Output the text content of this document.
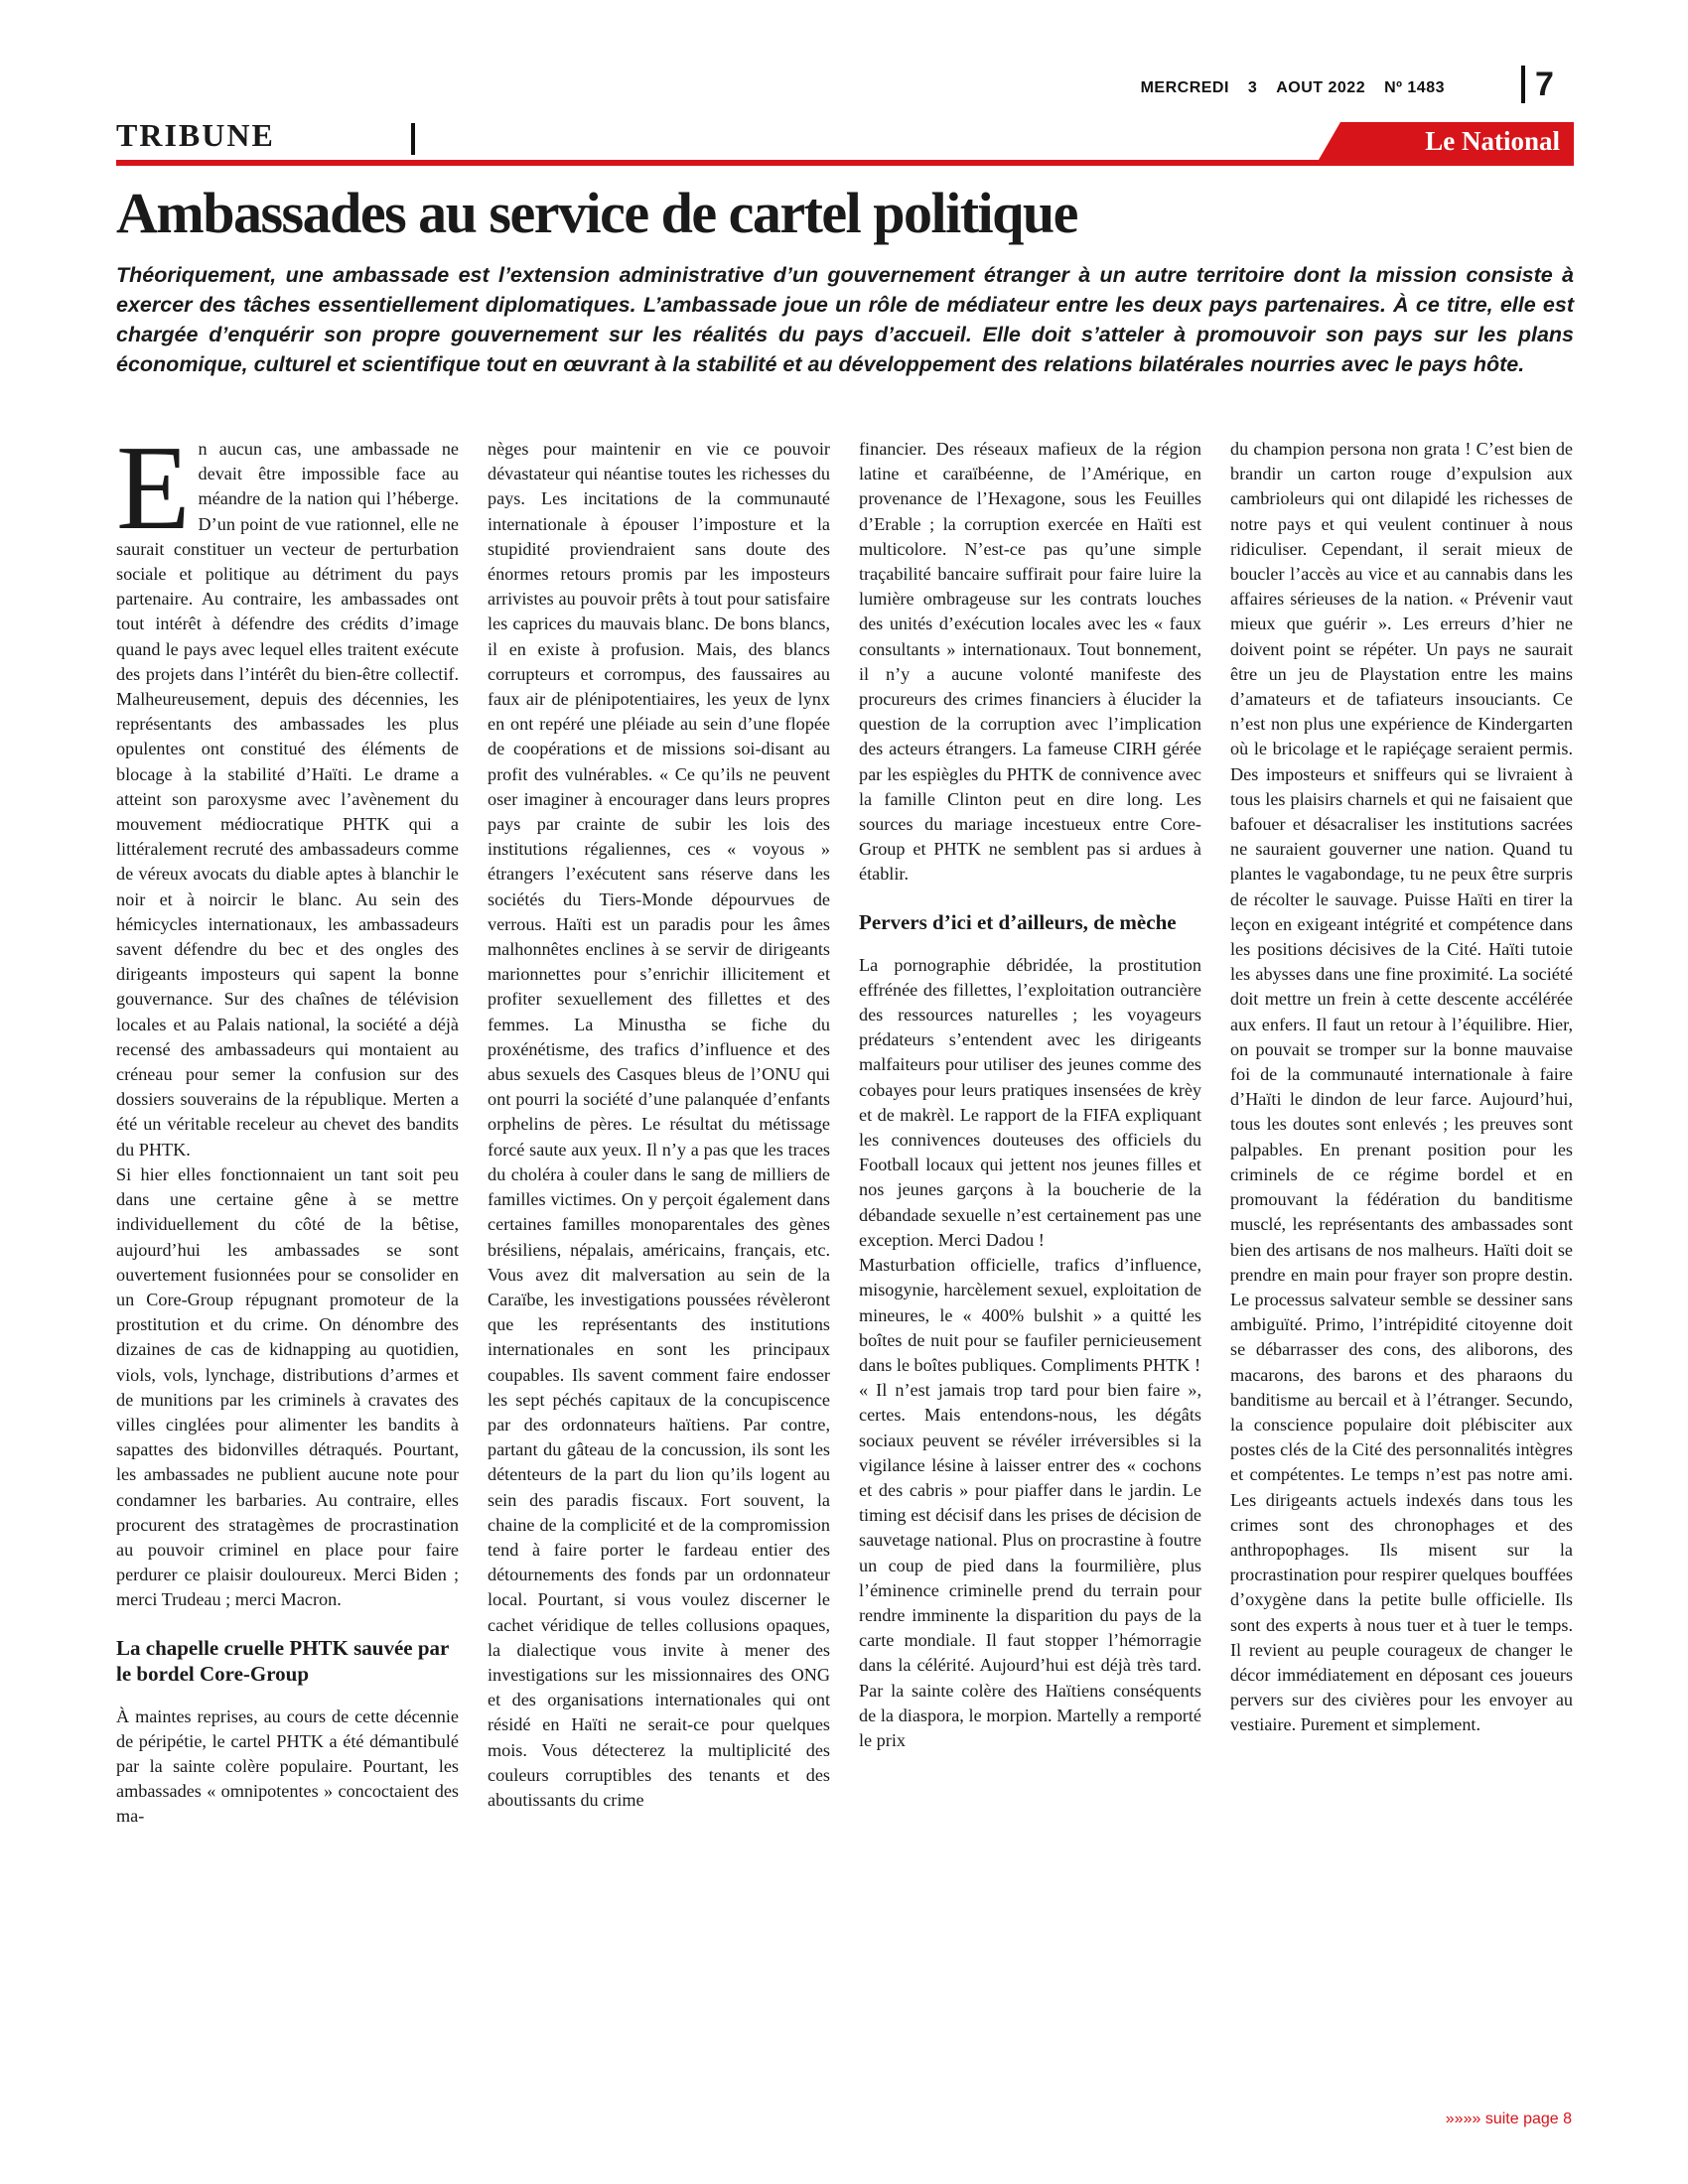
MERCREDI 3 AOUT 2022 Nº 1483	7
TRIBUNE	Le National
Ambassades au service de cartel politique

Théoriquement, une ambassade est l’extension administrative d’un gouvernement étranger à un autre territoire dont la mission consiste à exercer des tâches essentiellement diplomatiques. L’ambassade joue un rôle de médiateur entre les deux pays partenaires. À ce titre, elle est chargée d’enquérir son propre gouvernement sur les réalités du pays d’accueil. Elle doit s’atteler à promouvoir son pays sur les plans économique, culturel et scientifique tout en œuvrant à la stabilité et au développement des relations bilatérales nourries avec le pays hôte.

En aucun cas, une ambassade ne devait être impossible face au méandre de la nation qui l’héberge. D’un point de vue rationnel, elle ne saurait constituer un vecteur de perturbation sociale et politique au détriment du pays partenaire. Au contraire, les ambassades ont tout intérêt à défendre des crédits d’image quand le pays avec lequel elles traitent exécute des projets dans l’intérêt du bien-être collectif. Malheureusement, depuis des décennies, les représentants des ambassades les plus opulentes ont constitué des éléments de blocage à la stabilité d’Haïti. Le drame a atteint son paroxysme avec l’avènement du mouvement médiocratique PHTK qui a littéralement recruté des ambassadeurs comme de véreux avocats du diable aptes à blanchir le noir et à noircir le blanc. Au sein des hémicycles internationaux, les ambassadeurs savent défendre du bec et des ongles des dirigeants imposteurs qui sapent la bonne gouvernance. Sur des chaînes de télévision locales et au Palais national, la société a déjà recensé des ambassadeurs qui montaient au créneau pour semer la confusion sur des dossiers souverains de la république. Merten a été un véritable receleur au chevet des bandits du PHTK.

Si hier elles fonctionnaient un tant soit peu dans une certaine gêne à se mettre individuellement du côté de la bêtise, aujourd’hui les ambassades se sont ouvertement fusionnées pour se consolider en un Core-Group répugnant promoteur de la prostitution et du crime. On dénombre des dizaines de cas de kidnapping au quotidien, viols, vols, lynchage, distributions d’armes et de munitions par les criminels à cravates des villes cinglées pour alimenter les bandits à sapattes des bidonvilles détraqués. Pourtant, les ambassades ne publient aucune note pour condamner les barbaries. Au contraire, elles procurent des stratagèmes de procrastination au pouvoir criminel en place pour faire perdurer ce plaisir douloureux. Merci Biden ; merci Trudeau ; merci Macron.

La chapelle cruelle PHTK sauvée par le bordel Core-Group

À maintes reprises, au cours de cette décennie de péripétie, le cartel PHTK a été démantibulé par la sainte colère populaire. Pourtant, les ambassades « omnipotentes » concoctaient des ma-

nèges pour maintenir en vie ce pouvoir dévastateur qui néantise toutes les richesses du pays. Les incitations de la communauté internationale à épouser l’imposture et la stupidité proviendraient sans doute des énormes retours promis par les imposteurs arrivistes au pouvoir prêts à tout pour satisfaire les caprices du mauvais blanc. De bons blancs, il en existe à profusion. Mais, des blancs corrupteurs et corrompus, des faussaires au faux air de plénipotentiaires, les yeux de lynx en ont repéré une pléiade au sein d’une flopée de coopérations et de missions soi-disant au profit des vulnérables. « Ce qu’ils ne peuvent oser imaginer à encourager dans leurs propres pays par crainte de subir les lois des institutions régaliennes, ces « voyous » étrangers l’exécutent sans réserve dans les sociétés du Tiers-Monde dépourvues de verrous. Haïti est un paradis pour les âmes malhonnêtes enclines à se servir de dirigeants marionnettes pour s’enrichir illicitement et profiter sexuellement des fillettes et des femmes. La Minustha se fiche du proxénétisme, des trafics d’influence et des abus sexuels des Casques bleus de l’ONU qui ont pourri la société d’une palanquée d’enfants orphelins de pères. Le résultat du métissage forcé saute aux yeux. Il n’y a pas que les traces du choléra à couler dans le sang de milliers de familles victimes. On y perçoit également dans certaines familles monoparentales des gènes brésiliens, népalais, américains, français, etc. Vous avez dit malversation au sein de la Caraïbe, les investigations poussées révèleront que les représentants des institutions internationales en sont les principaux coupables. Ils savent comment faire endosser les sept péchés capitaux de la concupiscence par des ordonnateurs haïtiens. Par contre, partant du gâteau de la concussion, ils sont les détenteurs de la part du lion qu’ils logent au sein des paradis fiscaux. Fort souvent, la chaine de la complicité et de la compromission tend à faire porter le fardeau entier des détournements des fonds par un ordonnateur local. Pourtant, si vous voulez discerner le cachet véridique de telles collusions opaques, la dialectique vous invite à mener des investigations sur les missionnaires des ONG et des organisations internationales qui ont résidé en Haïti ne serait-ce pour quelques mois. Vous détecterez la multiplicité des couleurs corruptibles des tenants et des aboutissants du crime

financier. Des réseaux mafieux de la région latine et caraïbéenne, de l’Amérique, en provenance de l’Hexagone, sous les Feuilles d’Erable ; la corruption exercée en Haïti est multicolore. N’est-ce pas qu’une simple traçabilité bancaire suffirait pour faire luire la lumière ombrageuse sur les contrats louches des unités d’exécution locales avec les « faux consultants » internationaux. Tout bonnement, il n’y a aucune volonté manifeste des procureurs des crimes financiers à élucider la question de la corruption avec l’implication des acteurs étrangers. La fameuse CIRH gérée par les espiègles du PHTK de connivence avec la famille Clinton peut en dire long. Les sources du mariage incestueux entre Core-Group et PHTK ne semblent pas si ardues à établir.

Pervers d’ici et d’ailleurs, de mèche

La pornographie débridée, la prostitution effrénée des fillettes, l’exploitation outrancière des ressources naturelles ; les voyageurs prédateurs s’entendent avec les dirigeants malfaiteurs pour utiliser des jeunes comme des cobayes pour leurs pratiques insensées de krèy et de makrèl. Le rapport de la FIFA expliquant les connivences douteuses des officiels du Football locaux qui jettent nos jeunes filles et nos jeunes garçons à la boucherie de la débandade sexuelle n’est certainement pas une exception. Merci Dadou !

Masturbation officielle, trafics d’influence, misogynie, harcèlement sexuel, exploitation de mineures, le « 400% bulshit » a quitté les boîtes de nuit pour se faufiler pernicieusement dans le boîtes publiques. Compliments PHTK !

« Il n’est jamais trop tard pour bien faire », certes. Mais entendons-nous, les dégâts sociaux peuvent se révéler irréversibles si la vigilance lésine à laisser entrer des « cochons et des cabris » pour piaffer dans le jardin. Le timing est décisif dans les prises de décision de sauvetage national. Plus on procrastine à foutre un coup de pied dans la fourmilière, plus l’éminence criminelle prend du terrain pour rendre imminente la disparition du pays de la carte mondiale. Il faut stopper l’hémorragie dans la célérité. Aujourd’hui est déjà très tard. Par la sainte colère des Haïtiens conséquents de la diaspora, le morpion. Martelly a remporté le prix

du champion persona non grata ! C’est bien de brandir un carton rouge d’expulsion aux cambrioleurs qui ont dilapidé les richesses de notre pays et qui veulent continuer à nous ridiculiser. Cependant, il serait mieux de boucler l’accès au vice et au cannabis dans les affaires sérieuses de la nation. « Prévenir vaut mieux que guérir ». Les erreurs d’hier ne doivent point se répéter. Un pays ne saurait être un jeu de Playstation entre les mains d’amateurs et de tafiateurs insouciants. Ce n’est non plus une expérience de Kindergarten où le bricolage et le rapiéçage seraient permis. Des imposteurs et sniffeurs qui se livraient à tous les plaisirs charnels et qui ne faisaient que bafouer et désacraliser les institutions sacrées ne sauraient gouverner une nation. Quand tu plantes le vagabondage, tu ne peux être surpris de récolter le sauvage. Puisse Haïti en tirer la leçon en exigeant intégrité et compétence dans les positions décisives de la Cité. Haïti tutoie les abysses dans une fine proximité. La société doit mettre un frein à cette descente accélérée aux enfers. Il faut un retour à l’équilibre. Hier, on pouvait se tromper sur la bonne mauvaise foi de la communauté internationale à faire d’Haïti le dindon de leur farce. Aujourd’hui, tous les doutes sont enlevés ; les preuves sont palpables. En prenant position pour les criminels de ce régime bordel et en promouvant la fédération du banditisme musclé, les représentants des ambassades sont bien des artisans de nos malheurs. Haïti doit se prendre en main pour frayer son propre destin. Le processus salvateur semble se dessiner sans ambiguïté. Primo, l’intrépidité citoyenne doit se débarrasser des cons, des aliborons, des macarons, des barons et des pharaons du banditisme au bercail et à l’étranger. Secundo, la conscience populaire doit plébisciter aux postes clés de la Cité des personnalités intègres et compétentes. Le temps n’est pas notre ami. Les dirigeants actuels indexés dans tous les crimes sont des chronophages et des anthropophages. Ils misent sur la procrastination pour respirer quelques bouffées d’oxygène dans la petite bulle officielle. Ils sont des experts à nous tuer et à tuer le temps. Il revient au peuple courageux de changer le décor immédiatement en déposant ces joueurs pervers sur des civières pour les envoyer au vestiaire. Purement et simplement.

»»»» suite page 8
